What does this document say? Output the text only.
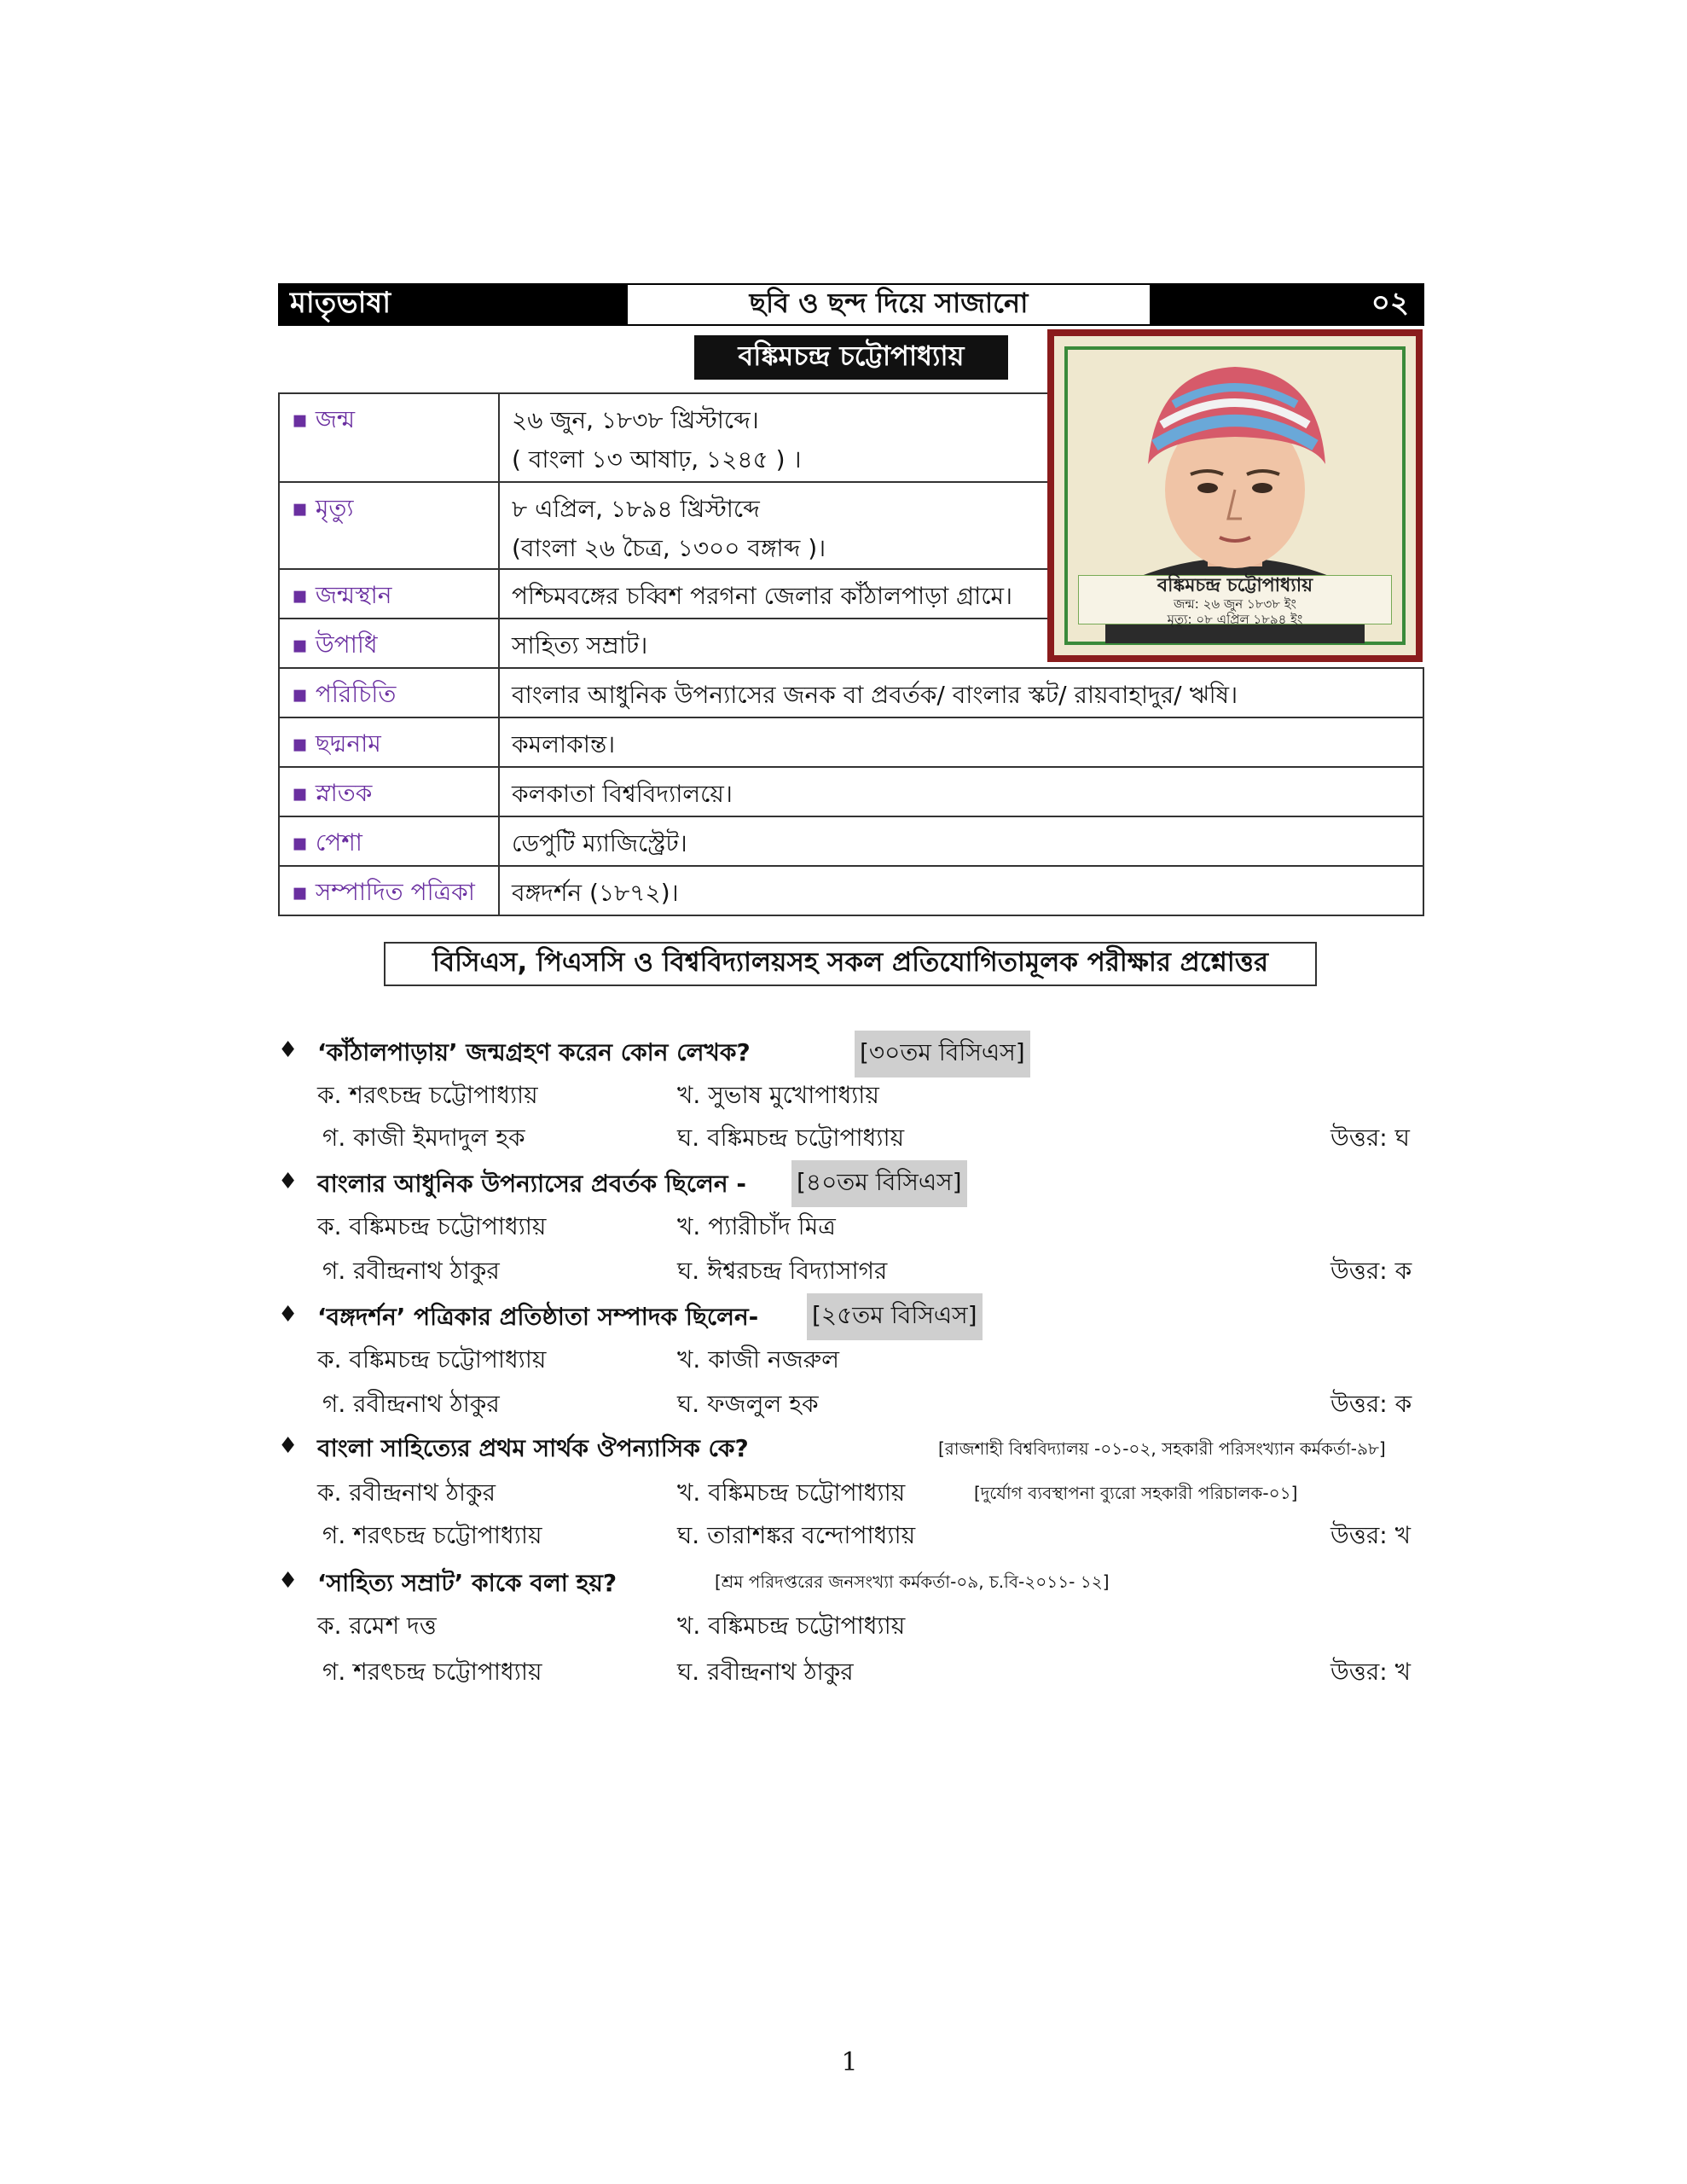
মাতৃভাষা	ছবি ও ছন্দ দিয়ে সাজানো	০২
বঙ্কিমচন্দ্র চট্টোপাধ্যায়
▪ জন্ম	২৬ জুন, ১৮৩৮ খ্রিস্টাব্দে।
( বাংলা ১৩ আষাঢ়, ১২৪৫ ) ।
▪ মৃত্যু	৮ এপ্রিল, ১৮৯৪ খ্রিস্টাব্দে
(বাংলা ২৬ চৈত্র, ১৩০০ বঙ্গাব্দ )।
▪ জন্মস্থান	পশ্চিমবঙ্গের চব্বিশ পরগনা জেলার কাঁঠালপাড়া গ্রামে।
▪ উপাধি	সাহিত্য সম্রাট।
▪ পরিচিতি	বাংলার আধুনিক উপন্যাসের জনক বা প্রবর্তক/ বাংলার স্কট/ রায়বাহাদুর/ ঋষি।
▪ ছদ্মনাম	কমলাকান্ত।
▪ স্নাতক	কলকাতা বিশ্ববিদ্যালয়ে।
▪ পেশা	ডেপুটি ম্যাজিস্ট্রেট।
▪ সম্পাদিত পত্রিকা	বঙ্গদর্শন (১৮৭২)।
বঙ্কিমচন্দ্র চট্টোপাধ্যায়
জন্ম: ২৬ জুন ১৮৩৮ ইং
মৃত্যু: ০৮ এপ্রিল ১৮৯৪ ইং
বিসিএস, পিএসসি ও বিশ্ববিদ্যালয়সহ সকল প্রতিযোগিতামূলক পরীক্ষার প্রশ্নোত্তর
♦ ‘কাঁঠালপাড়ায়’ জন্মগ্রহণ করেন কোন লেখক?	[৩০তম বিসিএস]
ক. শরৎচন্দ্র চট্টোপাধ্যায়	খ. সুভাষ মুখোপাধ্যায়
গ. কাজী ইমদাদুল হক	ঘ. বঙ্কিমচন্দ্র চট্টোপাধ্যায়	উত্তর: ঘ
♦ বাংলার আধুনিক উপন্যাসের প্রবর্তক ছিলেন - [৪০তম বিসিএস]
ক. বঙ্কিমচন্দ্র চট্টোপাধ্যায়	খ. প্যারীচাঁদ মিত্র
গ. রবীন্দ্রনাথ ঠাকুর	ঘ. ঈশ্বরচন্দ্র বিদ্যাসাগর	উত্তর: ক
♦ ‘বঙ্গদর্শন’ পত্রিকার প্রতিষ্ঠাতা সম্পাদক ছিলেন- [২৫তম বিসিএস]
ক. বঙ্কিমচন্দ্র চট্টোপাধ্যায়	খ. কাজী নজরুল
গ. রবীন্দ্রনাথ ঠাকুর	ঘ. ফজলুল হক	উত্তর: ক
♦ বাংলা সাহিত্যের প্রথম সার্থক ঔপন্যাসিক কে?	[রাজশাহী বিশ্ববিদ্যালয় -০১-০২, সহকারী পরিসংখ্যান কর্মকর্তা-৯৮]
ক. রবীন্দ্রনাথ ঠাকুর	খ. বঙ্কিমচন্দ্র চট্টোপাধ্যায়	[দুর্যোগ ব্যবস্থাপনা ব্যুরো সহকারী পরিচালক-০১]
গ. শরৎচন্দ্র চট্টোপাধ্যায়	ঘ. তারাশঙ্কর বন্দোপাধ্যায়	উত্তর: খ
♦ ‘সাহিত্য সম্রাট’ কাকে বলা হয়?	[শ্রম পরিদপ্তরের জনসংখ্যা কর্মকর্তা-০৯, চ.বি-২০১১- ১২]
ক. রমেশ দত্ত	খ. বঙ্কিমচন্দ্র চট্টোপাধ্যায়
গ. শরৎচন্দ্র চট্টোপাধ্যায়	ঘ. রবীন্দ্রনাথ ঠাকুর	উত্তর: খ
1
